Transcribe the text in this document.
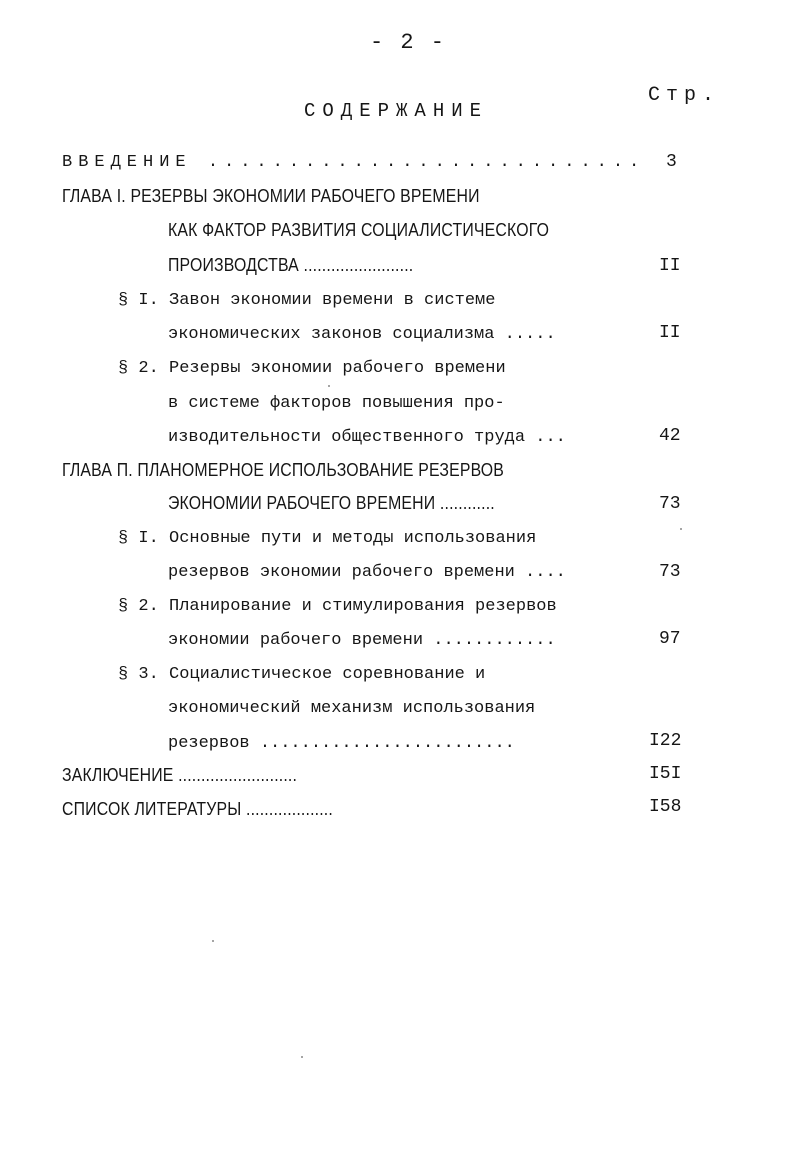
- 2 -
Стр.
СОДЕРЖАНИЕ
ВВЕДЕНИЕ ........................... 3
ГЛАВА I. РЕЗЕРВЫ ЭКОНОМИИ РАБОЧЕГО ВРЕМЕНИ
КАК ФАКТОР РАЗВИТИЯ СОЦИАЛИСТИЧЕСКОГО
ПРОИЗВОДСТВА ........................	II
§ I. Завон экономии времени в системе
экономических законов социализма .....	II
§ 2. Резервы экономии рабочего времени
в системе факторов повышения про-
изводительности общественного труда ...	42
ГЛАВА П. ПЛАНОМЕРНОЕ ИСПОЛЬЗОВАНИЕ РЕЗЕРВОВ
ЭКОНОМИИ РАБОЧЕГО ВРЕМЕНИ ............	73
§ I. Основные пути и методы использования
резервов экономии рабочего времени ....	73
§ 2. Планирование и стимулирования резервов
экономии рабочего времени ............	97
§ 3. Социалистическое соревнование и
экономический механизм использования
резервов .........................	I22
ЗАКЛЮЧЕНИЕ ..........................	I5I
СПИСОК ЛИТЕРАТУРЫ ...................	I58
